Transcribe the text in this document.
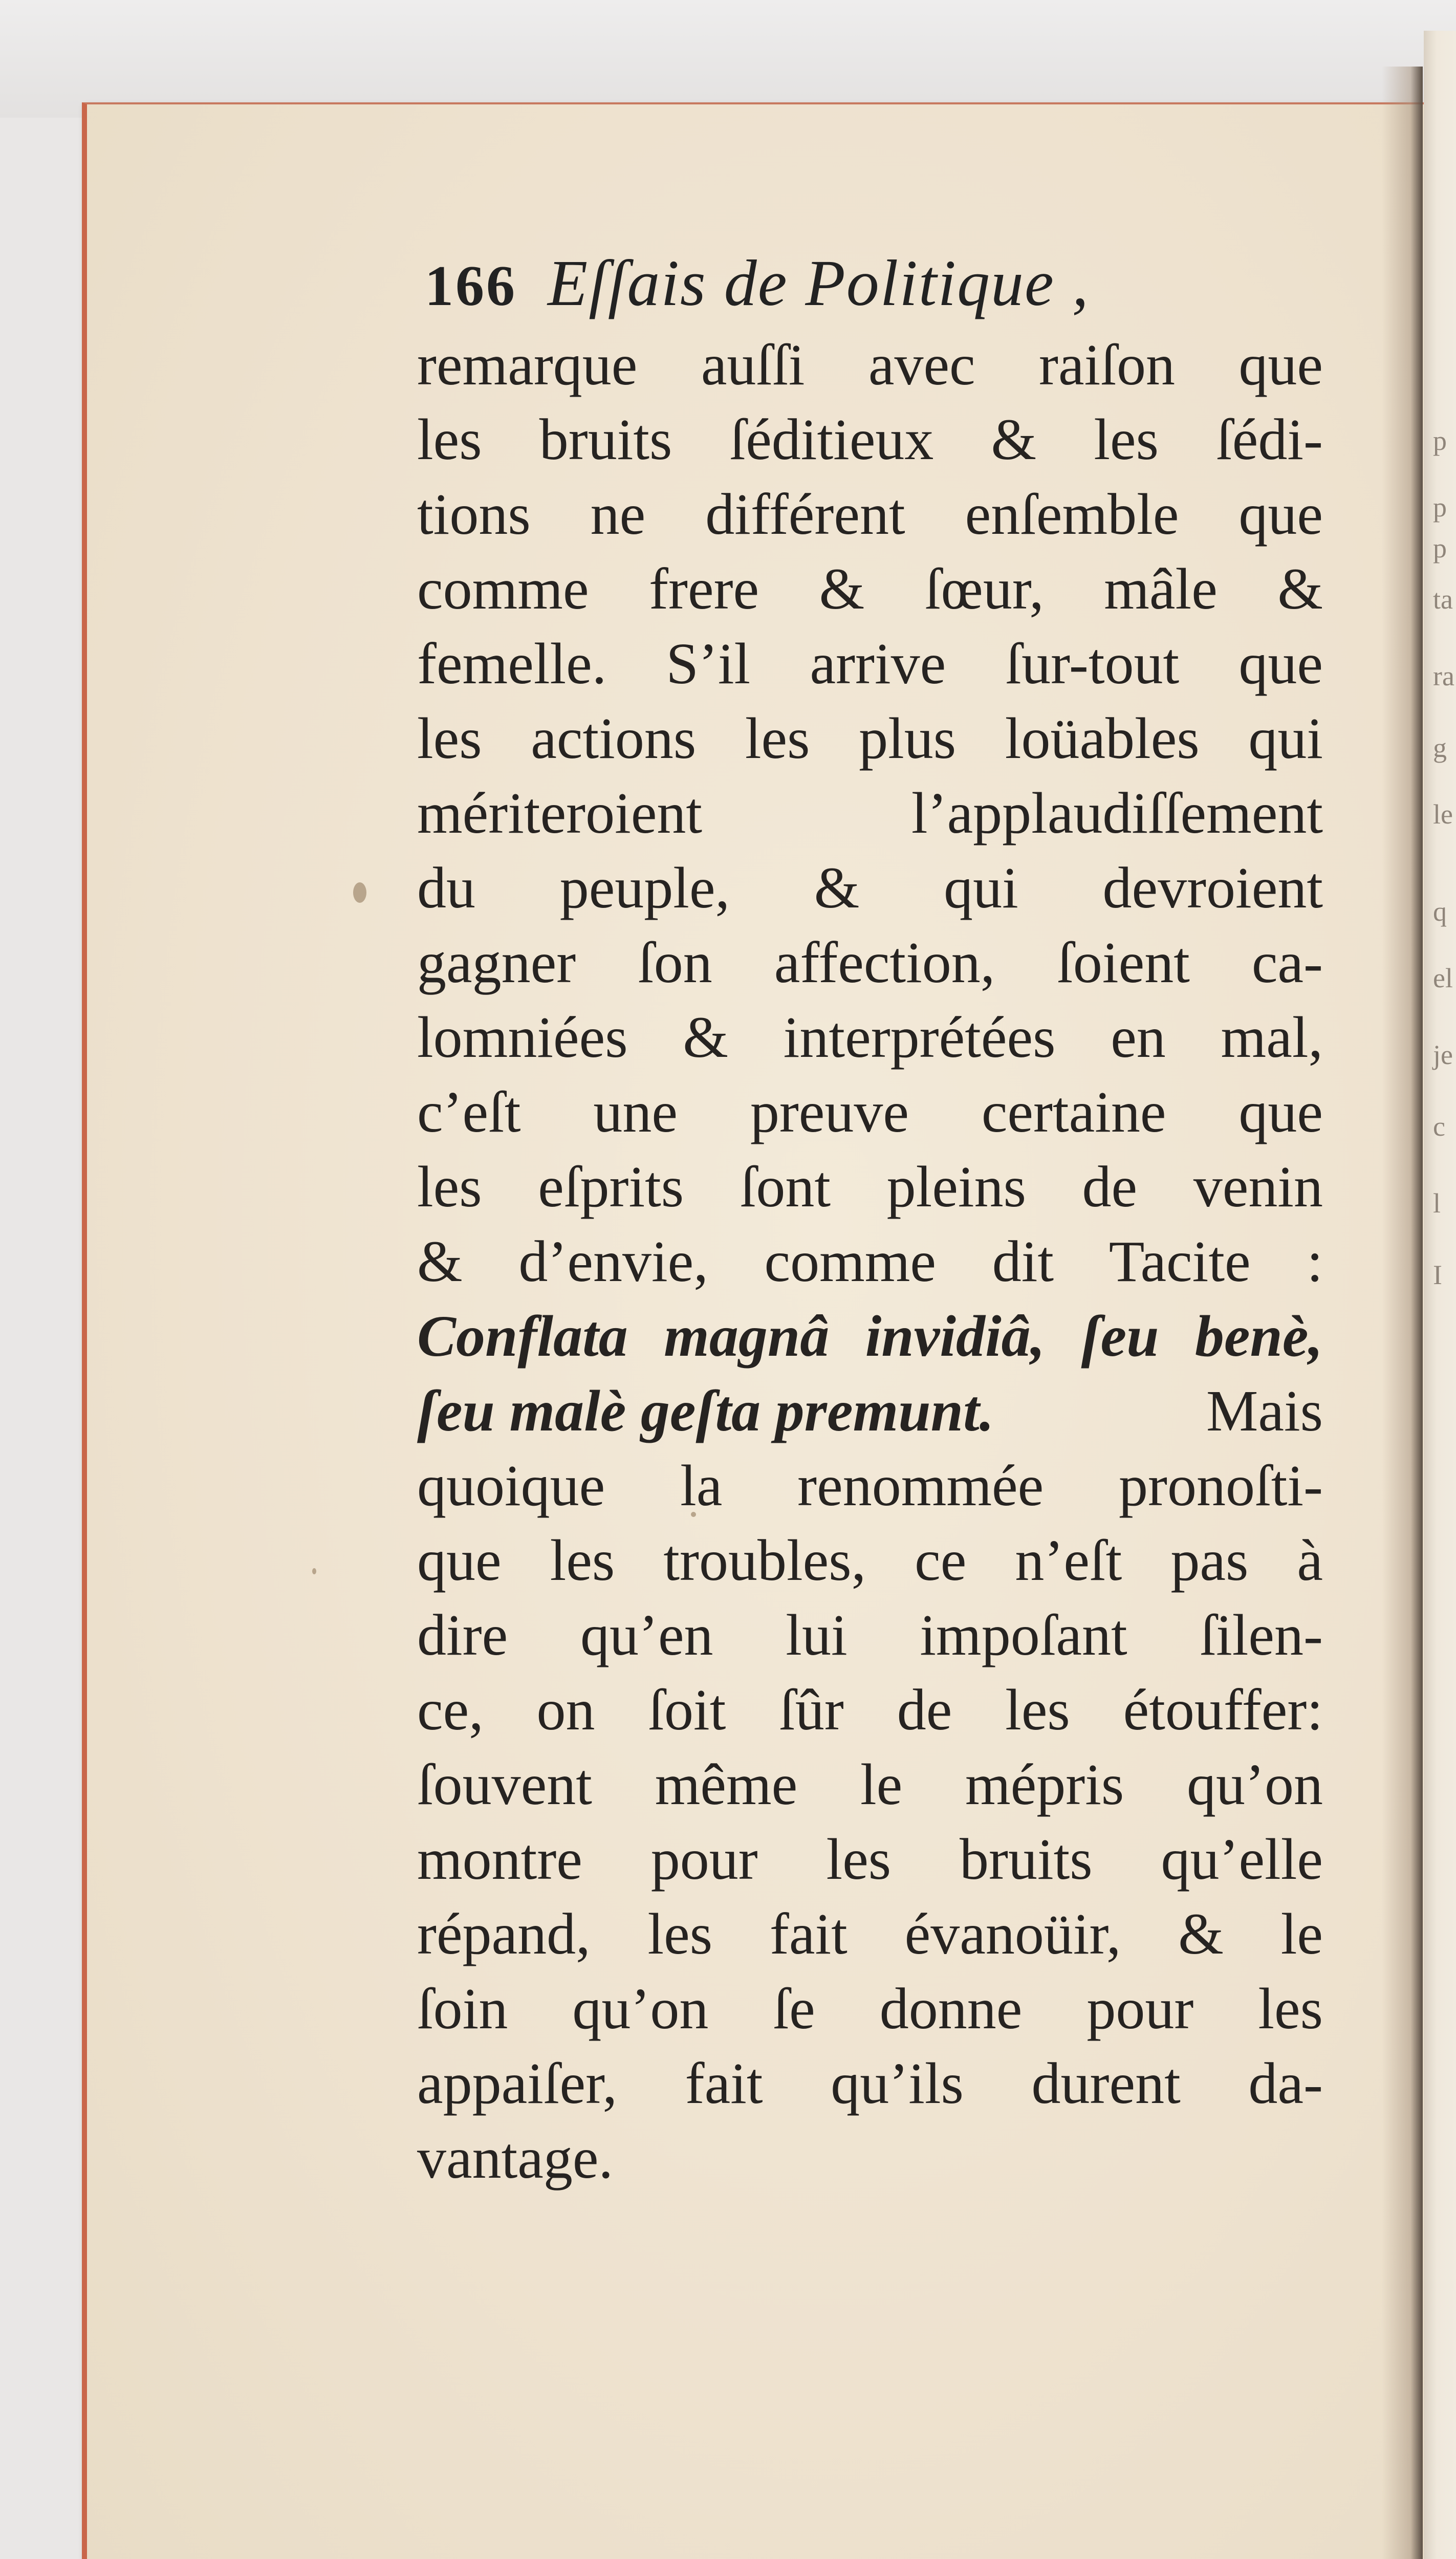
p
p
p
ta
ra
g
le
q
el
je
c
l
I
166 Eſſais de Politique ,
remarque auſſi avec raiſon que
les bruits ſéditieux & les ſédi-
tions ne différent enſemble que
comme frere & ſœur, mâle &
femelle. S’il arrive ſur-tout que
les actions les plus loüables qui
mériteroient l’applaudiſſement
du peuple, & qui devroient
gagner ſon affection, ſoient ca-
lomniées & interprétées en mal,
c’eſt une preuve certaine que
les eſprits ſont pleins de venin
& d’envie, comme dit Tacite :
Conflata magnâ invidiâ, ſeu benè,
ſeu malè geſta premunt.	Mais
quoique la renommée pronoſti-
que les troubles, ce n’eſt pas à
dire qu’en lui impoſant ſilen-
ce, on ſoit ſûr de les étouffer:
ſouvent même le mépris qu’on
montre pour les bruits qu’elle
répand, les fait évanoüir, & le
ſoin qu’on ſe donne pour les
appaiſer, fait qu’ils durent da-
vantage.
